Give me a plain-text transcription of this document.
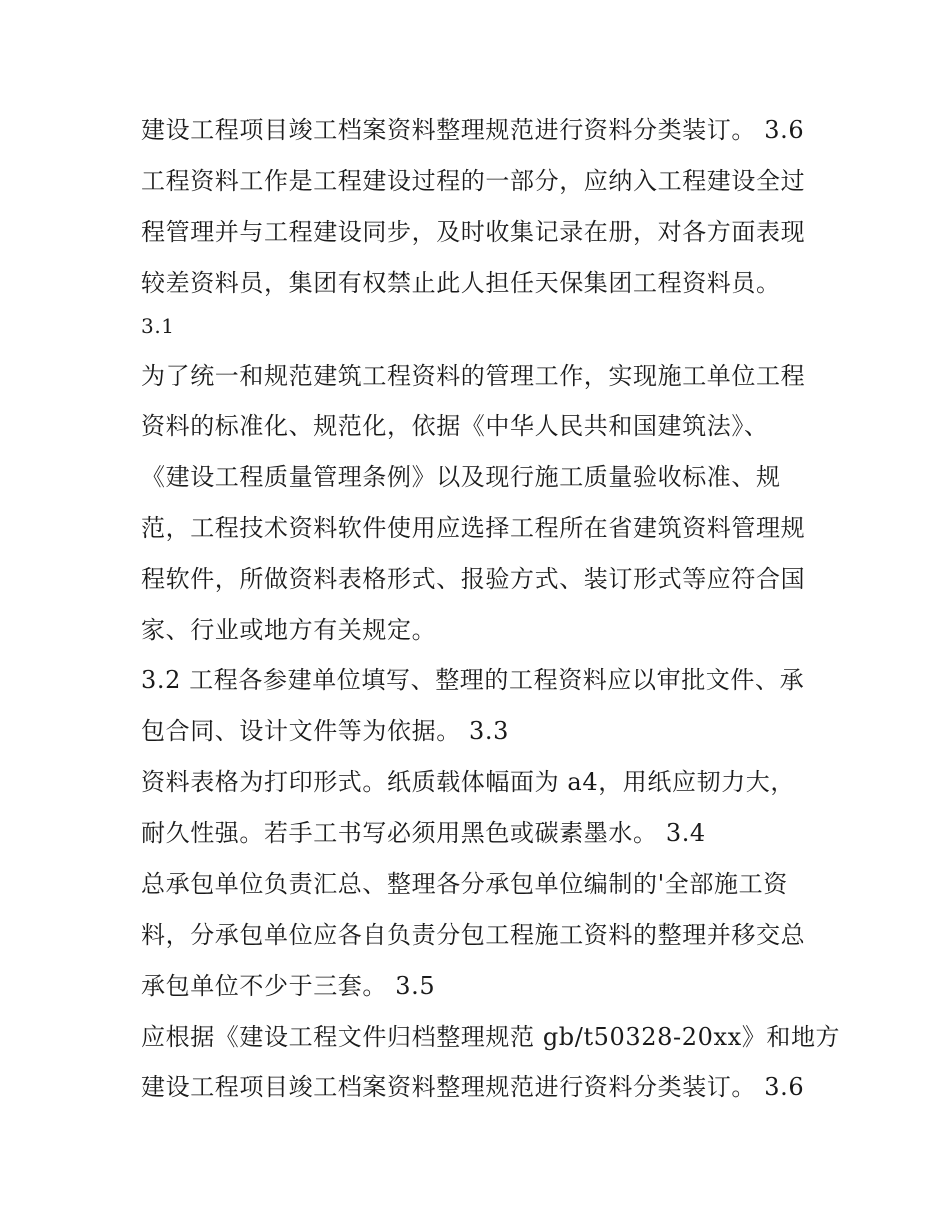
建设工程项目竣工档案资料整理规范进行资料分类装订。 3.6
工程资料工作是工程建设过程的一部分，应纳入工程建设全过
程管理并与工程建设同步，及时收集记录在册，对各方面表现
较差资料员，集团有权禁止此人担任天保集团工程资料员。
3.1
为了统一和规范建筑工程资料的管理工作，实现施工单位工程
资料的标准化、规范化，依据《中华人民共和国建筑法》、
《建设工程质量管理条例》以及现行施工质量验收标准、规
范，工程技术资料软件使用应选择工程所在省建筑资料管理规
程软件，所做资料表格形式、报验方式、装订形式等应符合国
家、行业或地方有关规定。
3.2 工程各参建单位填写、整理的工程资料应以审批文件、承
包合同、设计文件等为依据。 3.3
资料表格为打印形式。纸质载体幅面为 a4，用纸应韧力大，
耐久性强。若手工书写必须用黑色或碳素墨水。 3.4
总承包单位负责汇总、整理各分承包单位编制的'全部施工资
料，分承包单位应各自负责分包工程施工资料的整理并移交总
承包单位不少于三套。 3.5
应根据《建设工程文件归档整理规范 gb/t50328-20xx》和地方
建设工程项目竣工档案资料整理规范进行资料分类装订。 3.6
